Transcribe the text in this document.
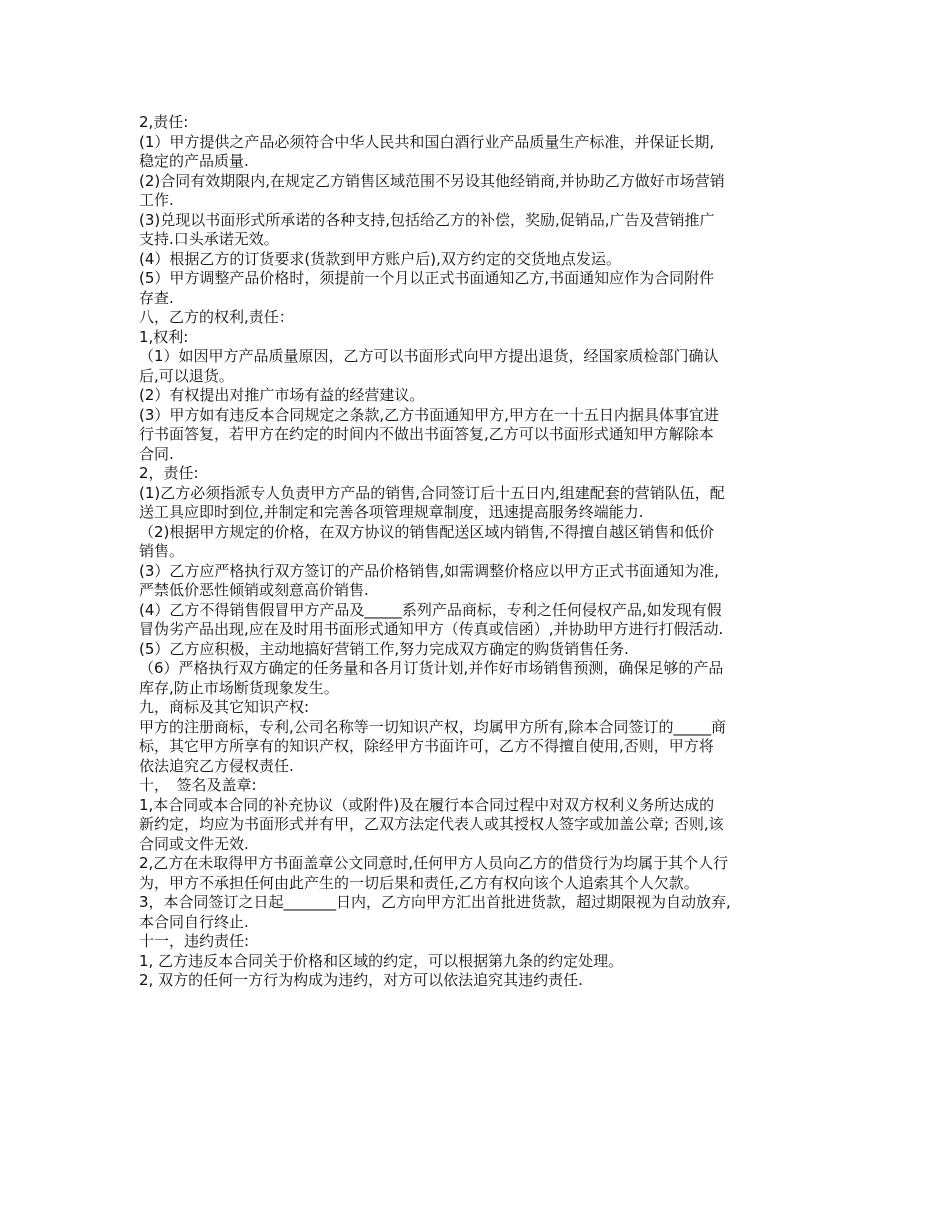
2,责任:
(1）甲方提供之产品必须符合中华人民共和国白酒行业产品质量生产标准，并保证长期,
稳定的产品质量.
(2)合同有效期限内,在规定乙方销售区域范围不另设其他经销商,并协助乙方做好市场营销
工作.
(3)兑现以书面形式所承诺的各种支持,包括给乙方的补偿，奖励,促销品,广告及营销推广
支持.口头承诺无效。
(4）根据乙方的订货要求(货款到甲方账户后),双方约定的交货地点发运。
(5）甲方调整产品价格时，须提前一个月以正式书面通知乙方,书面通知应作为合同附件
存查.
八，乙方的权利,责任：
1,权利:
（1）如因甲方产品质量原因，乙方可以书面形式向甲方提出退货，经国家质检部门确认
后,可以退货。
(2）有权提出对推广市场有益的经营建议。
(3）甲方如有违反本合同规定之条款,乙方书面通知甲方,甲方在一十五日内据具体事宜进
行书面答复，若甲方在约定的时间内不做出书面答复,乙方可以书面形式通知甲方解除本
合同.
2，责任:
(1)乙方必须指派专人负责甲方产品的销售,合同签订后十五日内,组建配套的营销队伍，配
送工具应即时到位,并制定和完善各项管理规章制度，迅速提高服务终端能力.
（2)根据甲方规定的价格，在双方协议的销售配送区域内销售,不得擅自越区销售和低价
销售。
(3）乙方应严格执行双方签订的产品价格销售,如需调整价格应以甲方正式书面通知为准,
严禁低价恶性倾销或刻意高价销售.
(4）乙方不得销售假冒甲方产品及_____系列产品商标，专利之任何侵权产品,如发现有假
冒伪劣产品出现,应在及时用书面形式通知甲方（传真或信函）,并协助甲方进行打假活动.
(5）乙方应积极，主动地搞好营销工作,努力完成双方确定的购货销售任务.
（6）严格执行双方确定的任务量和各月订货计划,并作好市场销售预测，确保足够的产品
库存,防止市场断货现象发生。
九，商标及其它知识产权:
甲方的注册商标，专利,公司名称等一切知识产权，均属甲方所有,除本合同签订的_____商
标，其它甲方所享有的知识产权，除经甲方书面许可，乙方不得擅自使用,否则，甲方将
依法追究乙方侵权责任.
十，　签名及盖章:
1,本合同或本合同的补充协议（或附件)及在履行本合同过程中对双方权利义务所达成的
新约定，均应为书面形式并有甲，乙双方法定代表人或其授权人签字或加盖公章; 否则,该
合同或文件无效.
2,乙方在未取得甲方书面盖章公文同意时,任何甲方人员向乙方的借贷行为均属于其个人行
为，甲方不承担任何由此产生的一切后果和责任,乙方有权向该个人追索其个人欠款。
3，本合同签订之日起_______日内，乙方向甲方汇出首批进货款，超过期限视为自动放弃,
本合同自行终止.
十一，违约责任:
1, 乙方违反本合同关于价格和区域的约定，可以根据第九条的约定处理。
2, 双方的任何一方行为构成为违约，对方可以依法追究其违约责任.
